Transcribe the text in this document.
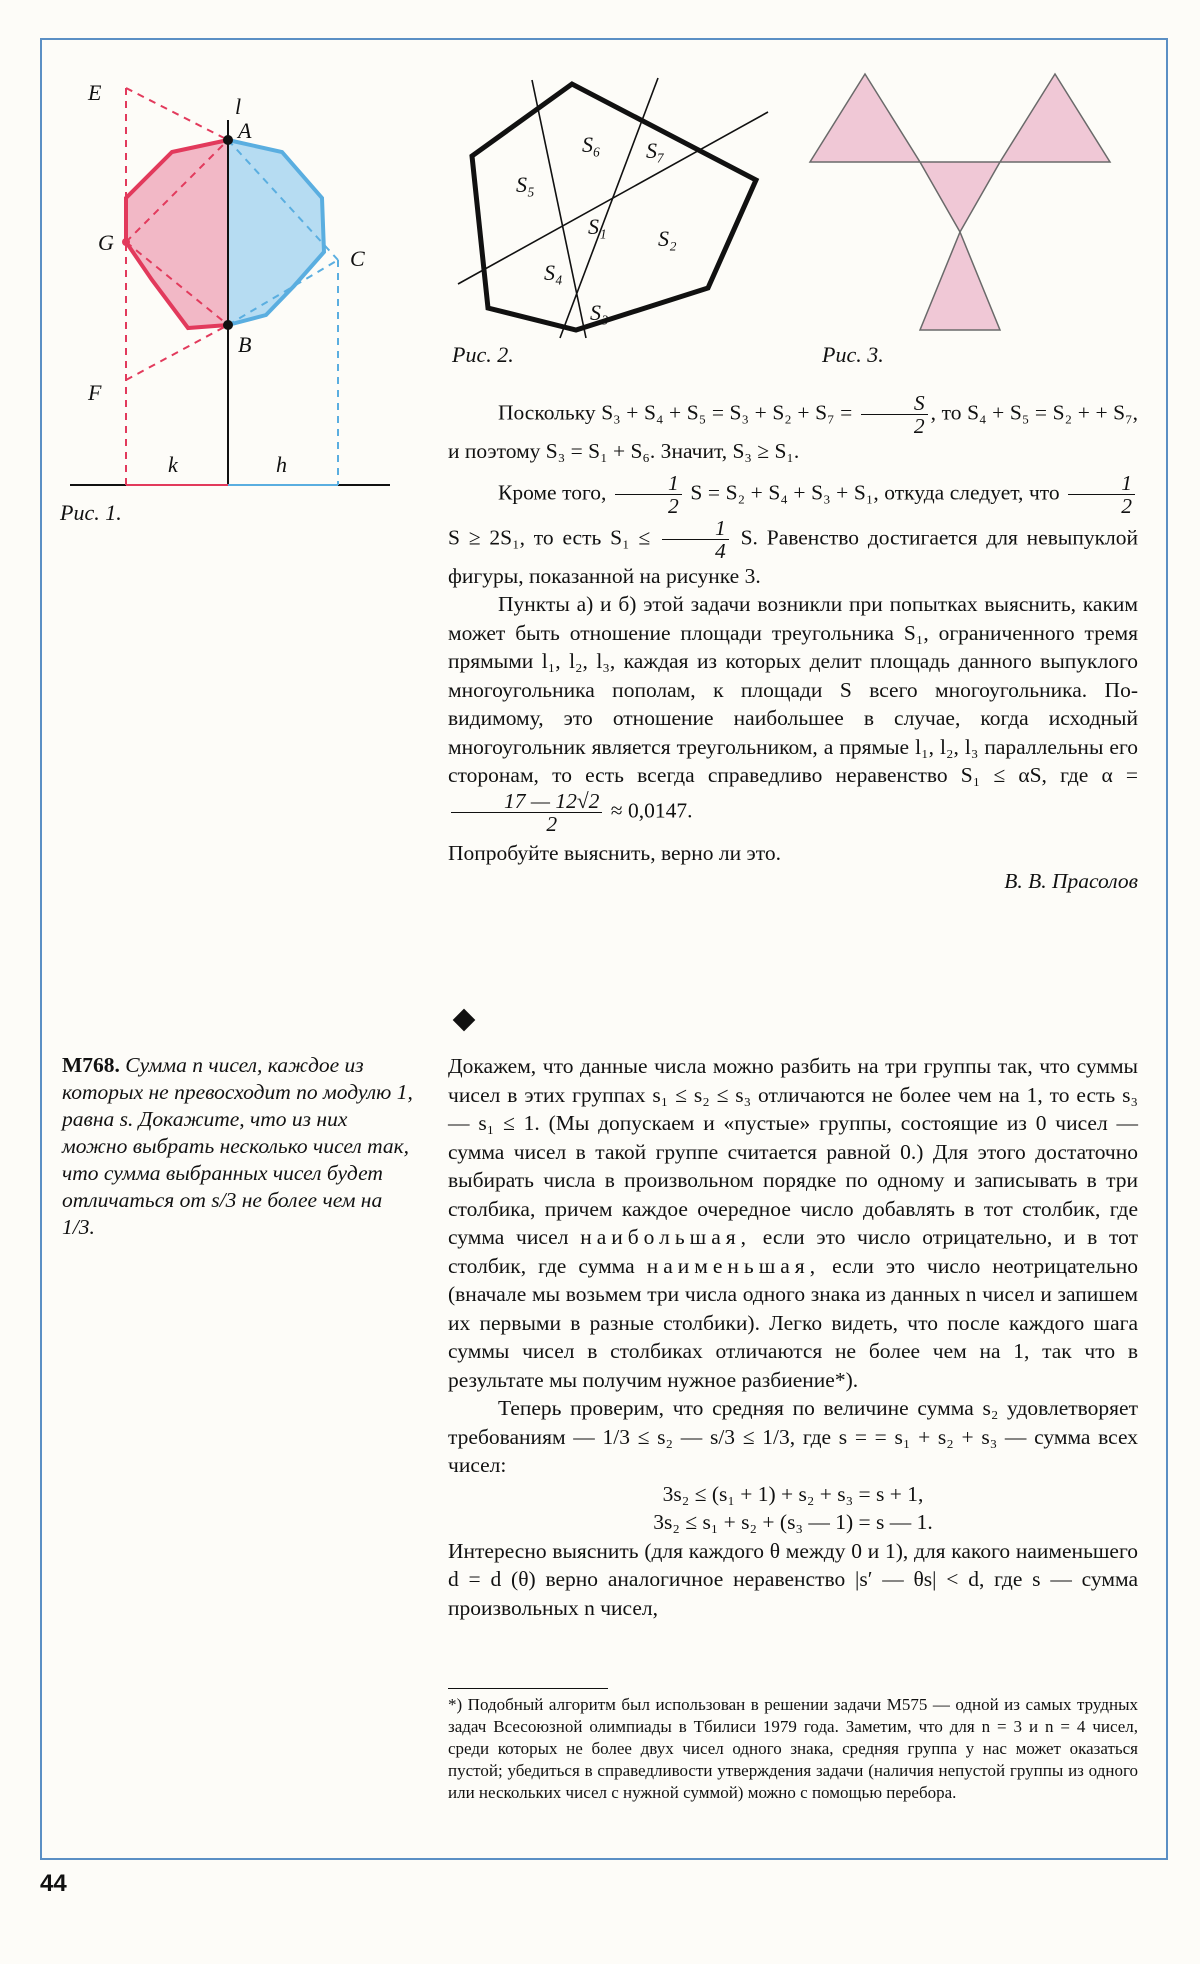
E
l
A
G
C
B
F
k	h
Рис. 1.
S₆ S₇
S₅
S₁ S₂
S₄
S₃
Рис. 2.	Рис. 3.

Поскольку $S_3 + S_4 + S_5 = S_3 + S_2 + S_7 = \frac{S}{2}$ , то S₄ + S₅ = S₂ + + S₇, и поэтому S₃ = S₁ + S₆. Значит, S₃ ≥ S₁.

Кроме того, $\frac{1}{2}$ S = S₂ + S₄ + S₃ + S₁, откуда следует, что $\frac{1}{2}$
S ≥ 2S₁, то есть $S_1 \le \frac{1}{4} S$. Равенство достигается для невыпуклой фигуры, показанной на рисунке 3.

Пункты а) и б) этой задачи возникли при попытках выяснить, каким может быть отношение площади треугольника S₁, ограниченного тремя прямыми l₁, l₂, l₃, каждая из которых делит площадь данного выпуклого многоугольника пополам, к площади S всего многоугольника. По-видимому, это отношение наибольшее в случае, когда исходный многоугольник является треугольником, а прямые l₁, l₂, l₃ параллельны его сторонам, то есть всегда справедливо неравенство S₁ ≤ αS, где α =
$\frac{17 — 12√2}{2} \approx 0,0147$.

Попробуйте выяснить, верно ли это.

В. В. Прасолов

М768. Сумма n чисел, каждое из которых не превосходит по модулю 1, равна s. Докажите, что из них можно выбрать несколько чисел так, что сумма выбранных чисел будет отличаться от s/3 не более чем на 1/3.

Докажем, что данные числа можно разбить на три группы так, что суммы чисел в этих группах s₁ ≤ s₂ ≤ s₃ отличаются не более чем на 1, то есть s₃ — s₁ ≤ 1. (Мы допускаем и «пустые» группы, состоящие из 0 чисел — сумма чисел в такой группе считается равной 0.) Для этого достаточно выбирать числа в произвольном порядке по одному и записывать в три столбика, причем каждое очередное число добавлять в тот столбик, где сумма чисел наибольшая, если это число отрицательно, и в тот столбик, где сумма наименьшая, если это число неотрицательно (вначале мы возьмем три числа одного знака из данных n чисел и запишем их первыми в разные столбики). Легко видеть, что после каждого шага суммы чисел в столбиках отличаются не более чем на 1, так что в результате мы получим нужное разбиение*).

Теперь проверим, что средняя по величине сумма s₂ удовлетворяет требованиям — 1/3 ≤ s₂ — s/3 ≤ 1/3, где s = = s₁ + s₂ + s₃ — сумма всех чисел:

3s₂ ≤ (s₁ + 1) + s₂ + s₃ = s + 1,

3s₂ ≤ s₁ + s₂ + (s₃ — 1) = s — 1.

Интересно выяснить (для каждого θ между 0 и 1), для какого наименьшего d = d (θ) верно аналогичное неравенство |s′ — θs| < d, где s — сумма произвольных n чисел,

*) Подобный алгоритм был использован в решении задачи М575 — одной из самых трудных задач Всесоюзной олимпиады в Тбилиси 1979 года. Заметим, что для n = 3 и n = 4 чисел, среди которых не более двух чисел одного знака, средняя группа у нас может оказаться пустой; убедиться в справедливости утверждения задачи (наличия непустой группы из одного или нескольких чисел с нужной суммой) можно с помощью перебора.
44
